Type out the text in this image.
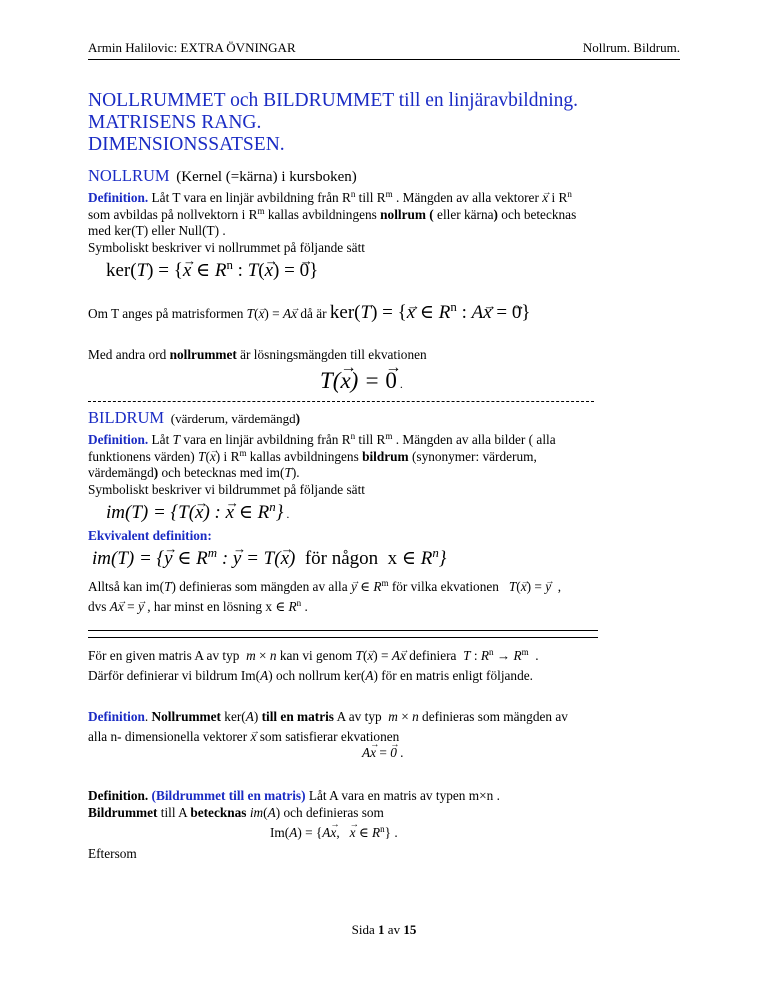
Armin Halilovic: EXTRA ÖVNINGAR	Nollrum. Bildrum.
NOLLRUMMET och BILDRUMMET till en linjäravbildning.
MATRISENS RANG.
DIMENSIONSSATSEN.
NOLLRUM (Kernel (=kärna) i kursboken)
Definition. Låt T vara en linjär avbildning från $R^n$ till $R^m$ . Mängden av alla vektorer → x i $R^n$
som avbildas på nollvektorn i $R^m$ kallas avbildningens nollrum ( eller kärna) och betecknas
med ker(T) eller Null(T) .
Symboliskt beskriver vi nollrummet på följande sätt
ker(T) = {→ x ∈ $R^n$ : T(→ x) = → 0}
Om T anges på matrisformen T(→ x) = A→ x då är ker(T) = {→ x ∈ $R^n$ : A→ x = → 0}
Med andra ord nollrummet är lösningsmängden till ekvationen
T(→ x) = → 0 .
BILDRUM (värderum, värdemängd)
Definition. Låt T vara en linjär avbildning från $R^n$ till $R^m$ . Mängden av alla bilder ( alla
funktionens värden) T(→ x) i $R^m$ kallas avbildningens bildrum (synonymer: värderum,
värdemängd) och betecknas med im(T).
Symboliskt beskriver vi bildrummet på följande sätt
im(T) = {T(→ x) : → x ∈ $R^n$} .
Ekvivalent definition:
im(T) = {→ y ∈ $R^m$ : → y = T(→ x)  för någon x ∈ $R^n$}
Alltså kan im(T) definieras som mängden av alla → y ∈ $R^m$ för vilka ekvationen   T(→ x) = → y  ,
dvs A→ x = → y , har minst en lösning x ∈ $R^n$ .
För en given matris A av typ  m × n kan vi genom T(→ x) = A→ x definiera  T : $R^n \to R^m$  .
Därför definierar vi bildrum Im(A) och nollrum ker(A) för en matris enligt följande.
Definition. Nollrummet ker(A) till en matris A av typ  m × n definieras som mängden av
alla n- dimensionella vektorer → x som satisfierar ekvationen
A→ x = → 0 .
Definition. (Bildrummet till en matris) Låt A vara en matris av typen m×n .
Bildrummet till A betecknas im(A) och definieras som
Im(A) = {A→ x,   → x ∈ $R^n$} .
Eftersom
Sida 1 av 15
